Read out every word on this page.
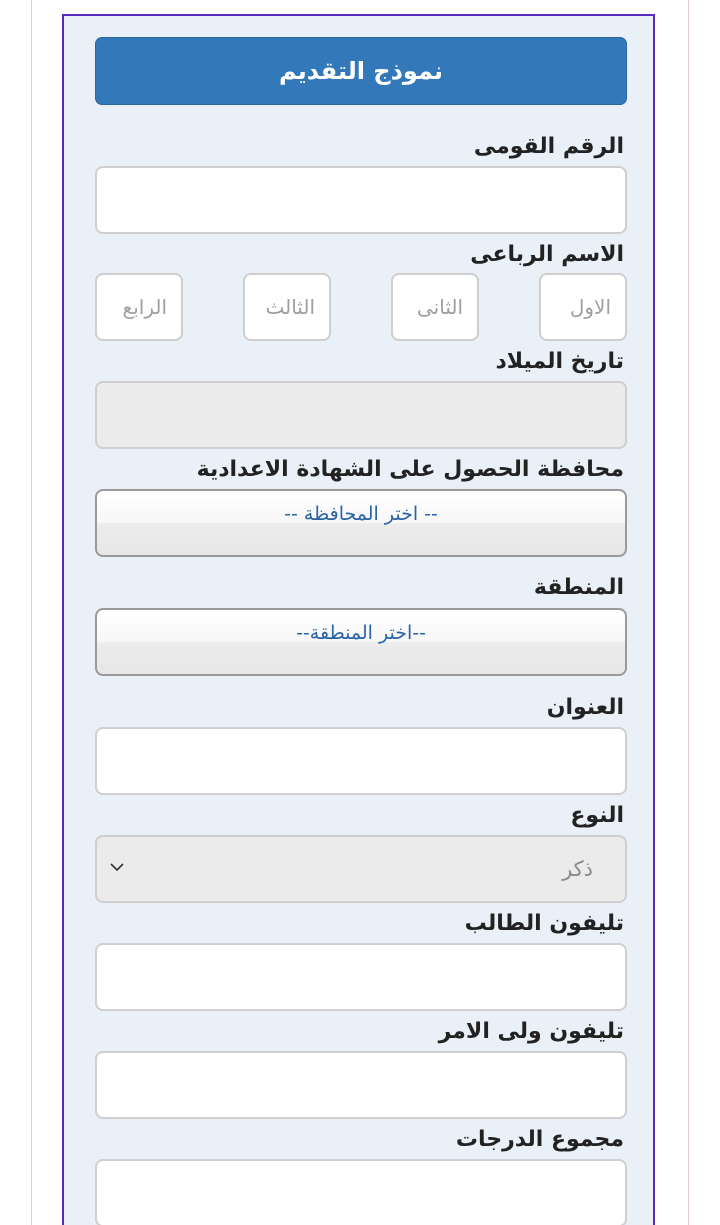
نموذج التقديم
الرقم القومى
الاسم الرباعى
الاول
الثانى
الثالث
الرابع
تاريخ الميلاد
محافظة الحصول على الشهادة الاعدادية
-- اختر المحافظة --
المنطقة
--اختر المنطقة--
العنوان
النوع
ذكر
تليفون الطالب
تليفون ولى الامر
مجموع الدرجات
